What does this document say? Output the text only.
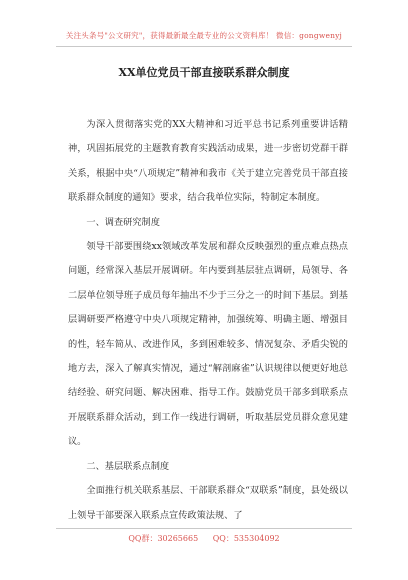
关注头条号"公文研究"，获得最新最全最专业的公文资料库！ 微信：gongwenyj
XX单位党员干部直接联系群众制度

为深入贯彻落实党的XX大精神和习近平总书记系列重要讲话精神，巩固拓展党的主题教育教育实践活动成果，进一步密切党群干群关系，根据中央“八项规定”精神和我市《关于建立完善党员干部直接联系群众制度的通知》要求，结合我单位实际，特制定本制度。

一、调查研究制度

领导干部要围绕xx领域改革发展和群众反映强烈的重点难点热点问题，经常深入基层开展调研。年内要到基层驻点调研，局领导、各二层单位领导班子成员每年抽出不少于三分之一的时间下基层。到基层调研要严格遵守中央八项规定精神，加强统筹、明确主题、增强目的性，轻车简从、改进作风，多到困难较多、情况复杂、矛盾尖锐的地方去，深入了解真实情况，通过“解剖麻雀”认识规律以便更好地总结经验、研究问题、解决困难、指导工作。鼓励党员干部多到联系点开展联系群众活动，到工作一线进行调研，听取基层党员群众意见建议。

二、基层联系点制度

全面推行机关联系基层、干部联系群众“双联系”制度，县处级以上领导干部要深入联系点宣传政策法规、了

QQ群：30265665 QQ：535304092
